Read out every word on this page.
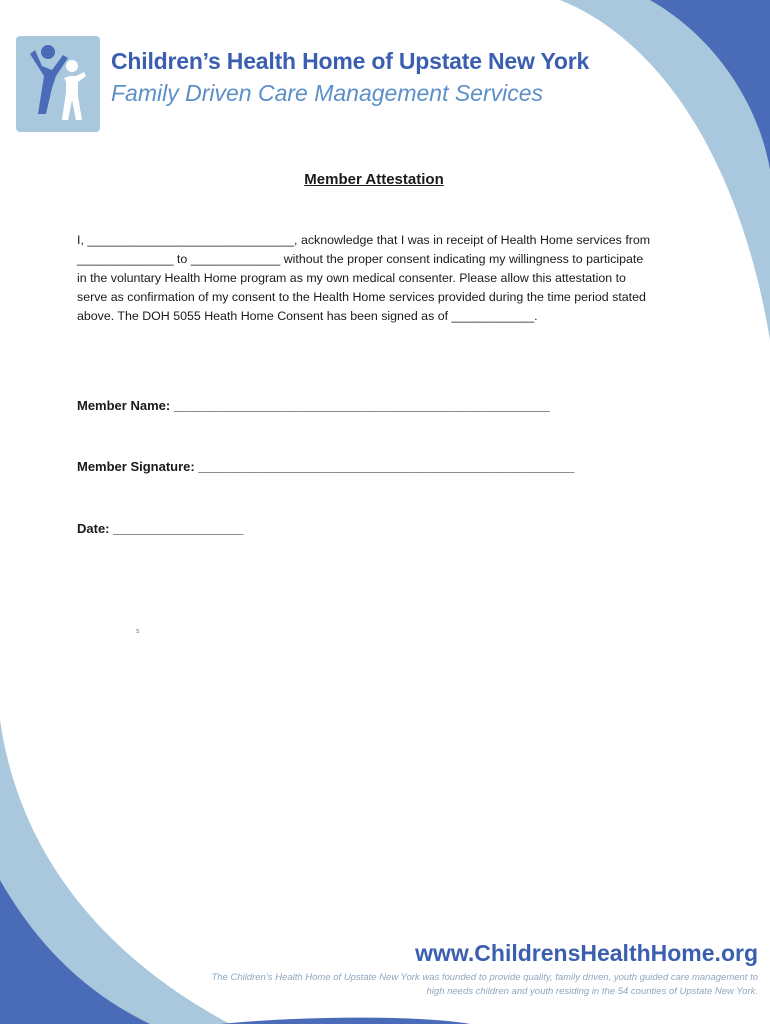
Children’s Health Home of Upstate New York
Family Driven Care Management Services
Member Attestation
I, ______________________________, acknowledge that I was in receipt of Health Home services from
______________ to _____________ without the proper consent indicating my willingness to participate
in the voluntary Health Home program as my own medical consenter. Please allow this attestation to
serve as confirmation of my consent to the Health Home services provided during the time period stated
above. The DOH 5055 Heath Home Consent has been signed as of ____________.
Member Name: ____________________________________________________
Member Signature: ____________________________________________________
Date: __________________
s
www.ChildrensHealthHome.org
The Children’s Health Home of Upstate New York was founded to provide quality, family driven, youth guided care management to
high needs children and youth residing in the 54 counties of Upstate New York.
